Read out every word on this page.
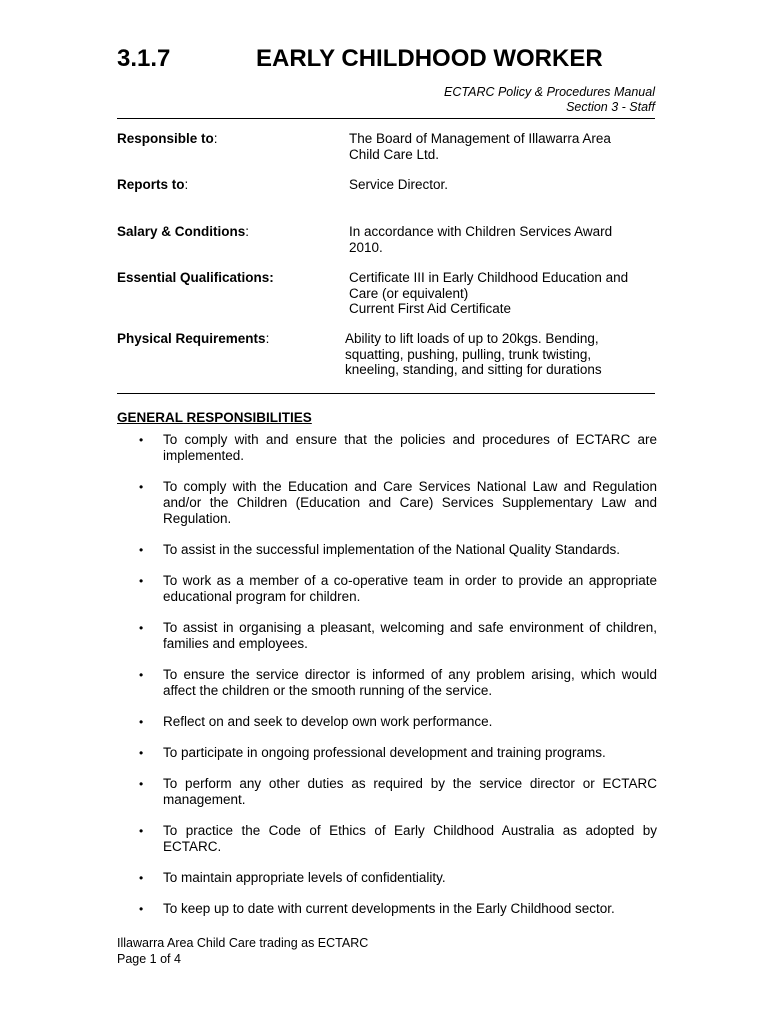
3.1.7	EARLY CHILDHOOD WORKER
ECTARC Policy & Procedures Manual
Section 3 - Staff
Responsible to:	The Board of Management of Illawarra Area
Child Care Ltd.
Reports to:	Service Director.
Salary & Conditions:	In accordance with Children Services Award
2010.
Essential Qualifications:	Certificate III in Early Childhood Education and
Care (or equivalent)
Current First Aid Certificate
Physical Requirements:	Ability to lift loads of up to 20kgs. Bending,
squatting, pushing, pulling, trunk twisting,
kneeling, standing, and sitting for durations
GENERAL RESPONSIBILITIES
• To comply with and ensure that the policies and procedures of ECTARC are implemented.
• To comply with the Education and Care Services National Law and Regulation and/or the Children (Education and Care) Services Supplementary Law and Regulation.
• To assist in the successful implementation of the National Quality Standards.
• To work as a member of a co-operative team in order to provide an appropriate educational program for children.
• To assist in organising a pleasant, welcoming and safe environment of children, families and employees.
• To ensure the service director is informed of any problem arising, which would affect the children or the smooth running of the service.
• Reflect on and seek to develop own work performance.
• To participate in ongoing professional development and training programs.
• To perform any other duties as required by the service director or ECTARC management.
• To practice the Code of Ethics of Early Childhood Australia as adopted by ECTARC.
• To maintain appropriate levels of confidentiality.
• To keep up to date with current developments in the Early Childhood sector.
Illawarra Area Child Care trading as ECTARC
Page 1 of 4
